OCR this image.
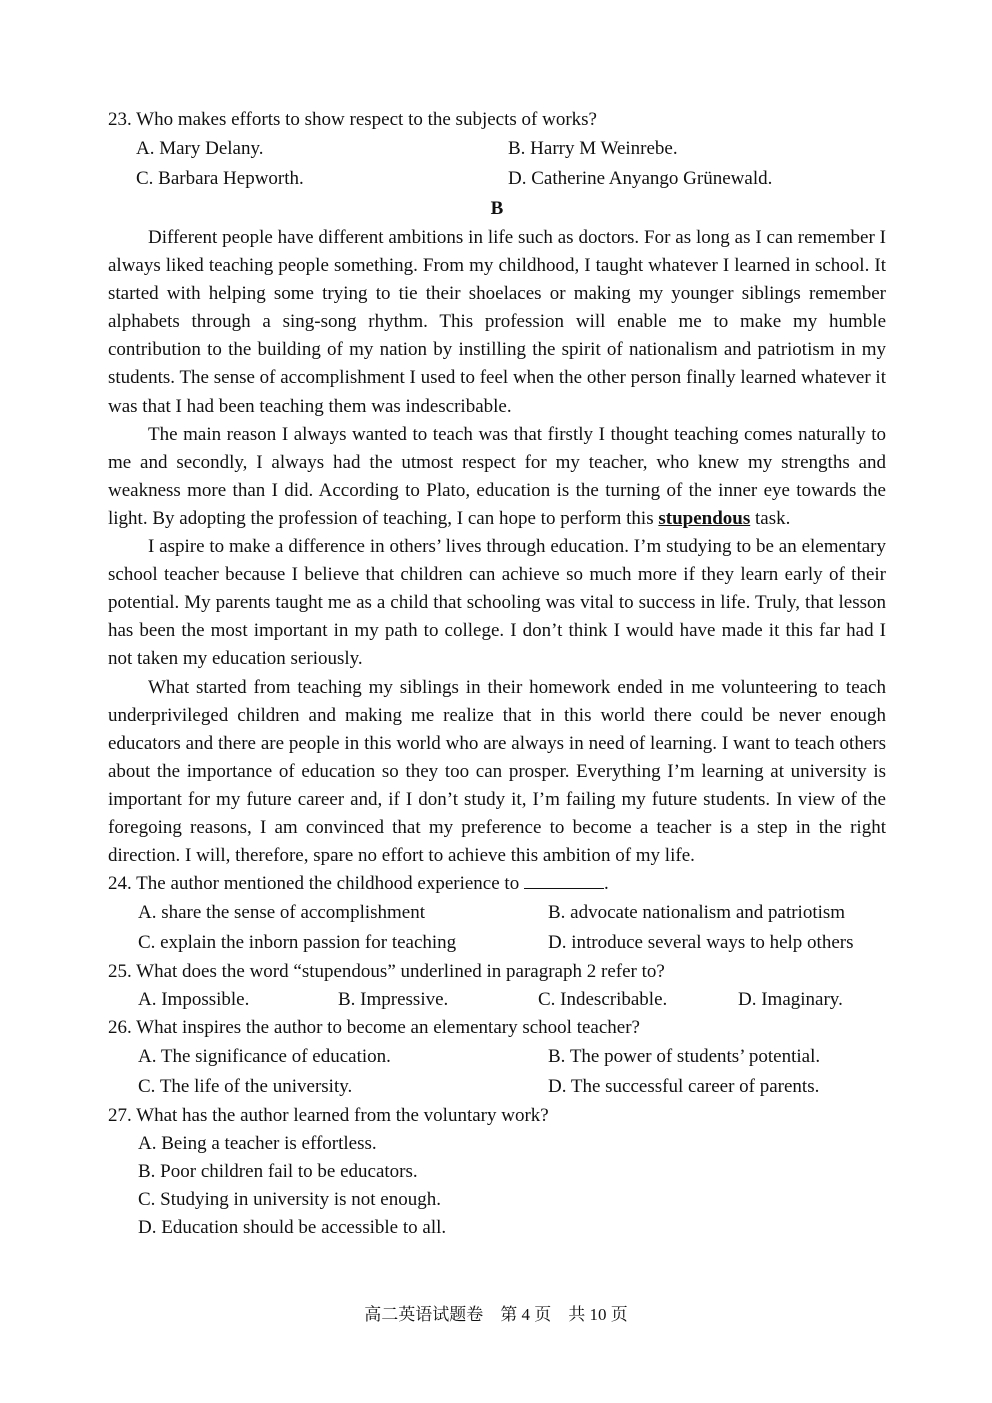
23. Who makes efforts to show respect to the subjects of works?
A. Mary Delany.	B. Harry M Weinrebe.
C. Barbara Hepworth.	D. Catherine Anyango Grünewald.
B

Different people have different ambitions in life such as doctors. For as long as I can remember I always liked teaching people something. From my childhood, I taught whatever I learned in school. It started with helping some trying to tie their shoelaces or making my younger siblings remember alphabets through a sing-song rhythm. This profession will enable me to make my humble contribution to the building of my nation by instilling the spirit of nationalism and patriotism in my students. The sense of accomplishment I used to feel when the other person finally learned whatever it was that I had been teaching them was indescribable.

The main reason I always wanted to teach was that firstly I thought teaching comes naturally to me and secondly, I always had the utmost respect for my teacher, who knew my strengths and weakness more than I did. According to Plato, education is the turning of the inner eye towards the light. By adopting the profession of teaching, I can hope to perform this stupendous task.

I aspire to make a difference in others’ lives through education. I’m studying to be an elementary school teacher because I believe that children can achieve so much more if they learn early of their potential. My parents taught me as a child that schooling was vital to success in life. Truly, that lesson has been the most important in my path to college. I don’t think I would have made it this far had I not taken my education seriously.

What started from teaching my siblings in their homework ended in me volunteering to teach underprivileged children and making me realize that in this world there could be never enough educators and there are people in this world who are always in need of learning. I want to teach others about the importance of education so they too can prosper. Everything I’m learning at university is important for my future career and, if I don’t study it, I’m failing my future students. In view of the foregoing reasons, I am convinced that my preference to become a teacher is a step in the right direction. I will, therefore, spare no effort to achieve this ambition of my life.

24. The author mentioned the childhood experience to	.
A. share the sense of accomplishment	B. advocate nationalism and patriotism
C. explain the inborn passion for teaching	D. introduce several ways to help others
25. What does the word “stupendous” underlined in paragraph 2 refer to?
A. Impossible.	B. Impressive.	C. Indescribable.	D. Imaginary.
26. What inspires the author to become an elementary school teacher?
A. The significance of education.	B. The power of students’ potential.
C. The life of the university.	D. The successful career of parents.
27. What has the author learned from the voluntary work?
A. Being a teacher is effortless.
B. Poor children fail to be educators.
C. Studying in university is not enough.
D. Education should be accessible to all.
高二英语试题卷　第 4 页　共 10 页
